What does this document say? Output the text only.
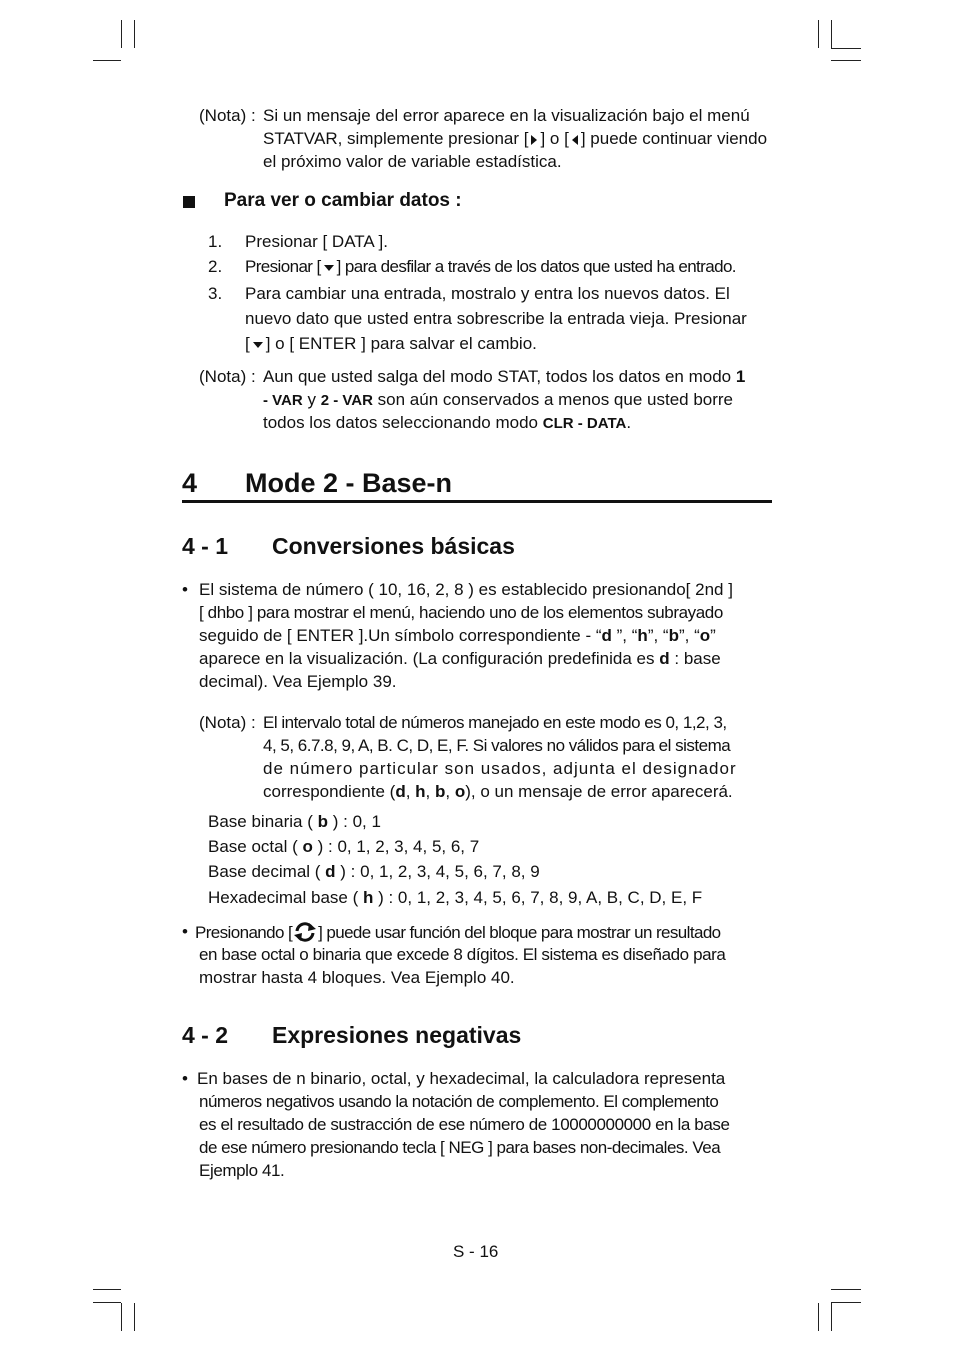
(Nota) : Si un mensaje del error aparece en la visualización bajo el menú
STATVAR, simplemente presionar [ ] o [ ] puede continuar viendo
el próximo valor de variable estadística.
Para ver o cambiar datos :
1. Presionar [ DATA ].
2. Presionar [ ] para desfilar a través de los datos que usted ha entrado.
3. Para cambiar una entrada, mostralo y entra los nuevos datos. El
nuevo dato que usted entra sobrescribe la entrada vieja. Presionar
[ ] o [ ENTER ] para salvar el cambio.
(Nota) : Aun que usted salga del modo STAT, todos los datos en modo 1
- VAR y 2 - VAR son aún conservados a menos que usted borre
todos los datos seleccionando modo CLR - DATA.
4 Mode 2 - Base-n
4 - 1 Conversiones básicas
• El sistema de número ( 10, 16, 2, 8 ) es establecido presionando[ 2nd ]
[ dhbo ] para mostrar el menú, haciendo uno de los elementos subrayado
seguido de [ ENTER ].Un símbolo correspondiente - “d ”, “h”, “b”, “o”
aparece en la visualización. (La configuración predefinida es d : base
decimal). Vea Ejemplo 39.
(Nota) : El intervalo total de números manejado en este modo es 0, 1,2, 3,
4, 5, 6.7.8, 9, A, B. C, D, E, F. Si valores no válidos para el sistema
de número particular son usados, adjunta el designador
correspondiente (d, h, b, o), o un mensaje de error aparecerá.
Base binaria ( b ) : 0, 1
Base octal ( o ) : 0, 1, 2, 3, 4, 5, 6, 7
Base decimal ( d ) : 0, 1, 2, 3, 4, 5, 6, 7, 8, 9
Hexadecimal base ( h ) : 0, 1, 2, 3, 4, 5, 6, 7, 8, 9, A, B, C, D, E, F
• Presionando [ ] puede usar función del bloque para mostrar un resultado
en base octal o binaria que excede 8 dígitos. El sistema es diseñado para
mostrar hasta 4 bloques. Vea Ejemplo 40.
4 - 2 Expresiones negativas
• En bases de n binario, octal, y hexadecimal, la calculadora representa
números negativos usando la notación de complemento. El complemento
es el resultado de sustracción de ese número de 10000000000 en la base
de ese número presionando tecla [ NEG ] para bases non-decimales. Vea
Ejemplo 41.
S - 16
